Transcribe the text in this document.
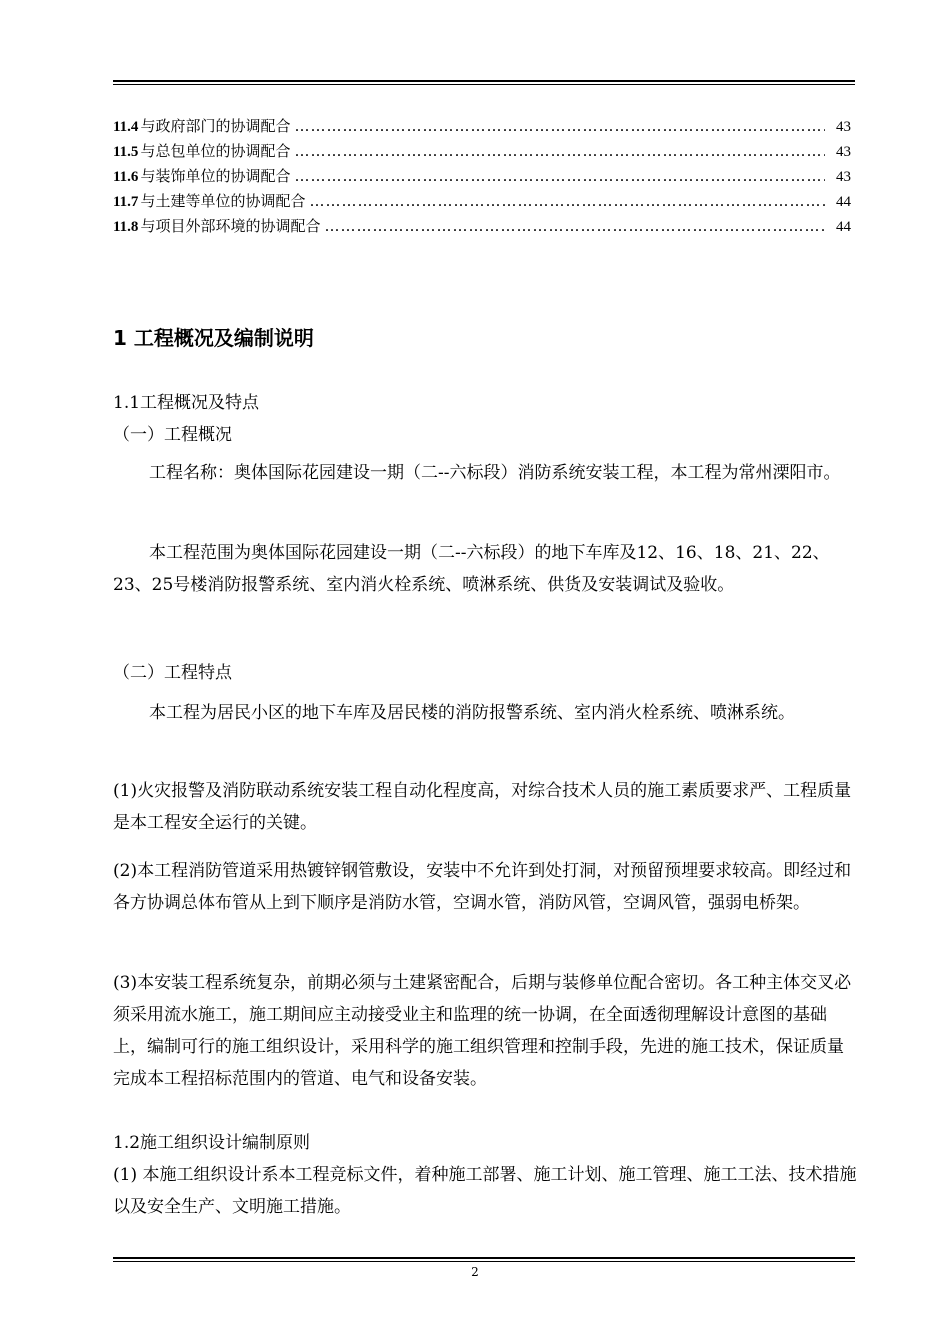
11.4 与政府部门的协调配合 ……………………………………………………………………………………………………………………………………………………	43
11.5 与总包单位的协调配合 ……………………………………………………………………………………………………………………………………………………	43
11.6 与装饰单位的协调配合 ……………………………………………………………………………………………………………………………………………………	43
11.7 与土建等单位的协调配合 ……………………………………………………………………………………………………………………………………………………	44
11.8 与项目外部环境的协调配合 ……………………………………………………………………………………………………………………………………………………	44
1 工程概况及编制说明
1.1工程概况及特点
（一）工程概况
工程名称：奥体国际花园建设一期（二--六标段）消防系统安装工程，本工程为常州溧阳市。
本工程范围为奥体国际花园建设一期（二--六标段）的地下车库及12、16、18、21、22、23、25号楼消防报警系统、室内消火栓系统、喷淋系统、供货及安装调试及验收。
（二）工程特点
本工程为居民小区的地下车库及居民楼的消防报警系统、室内消火栓系统、喷淋系统。
(1)火灾报警及消防联动系统安装工程自动化程度高，对综合技术人员的施工素质要求严、工程质量是本工程安全运行的关键。
(2)本工程消防管道采用热镀锌钢管敷设，安装中不允许到处打洞，对预留预埋要求较高。即经过和各方协调总体布管从上到下顺序是消防水管，空调水管，消防风管，空调风管，强弱电桥架。
(3)本安装工程系统复杂，前期必须与土建紧密配合，后期与装修单位配合密切。各工种主体交叉必须采用流水施工，施工期间应主动接受业主和监理的统一协调，在全面透彻理解设计意图的基础上，编制可行的施工组织设计，采用科学的施工组织管理和控制手段，先进的施工技术，保证质量完成本工程招标范围内的管道、电气和设备安装。
1.2施工组织设计编制原则
(1) 本施工组织设计系本工程竞标文件，着种施工部署、施工计划、施工管理、施工工法、技术措施以及安全生产、文明施工措施。
2
